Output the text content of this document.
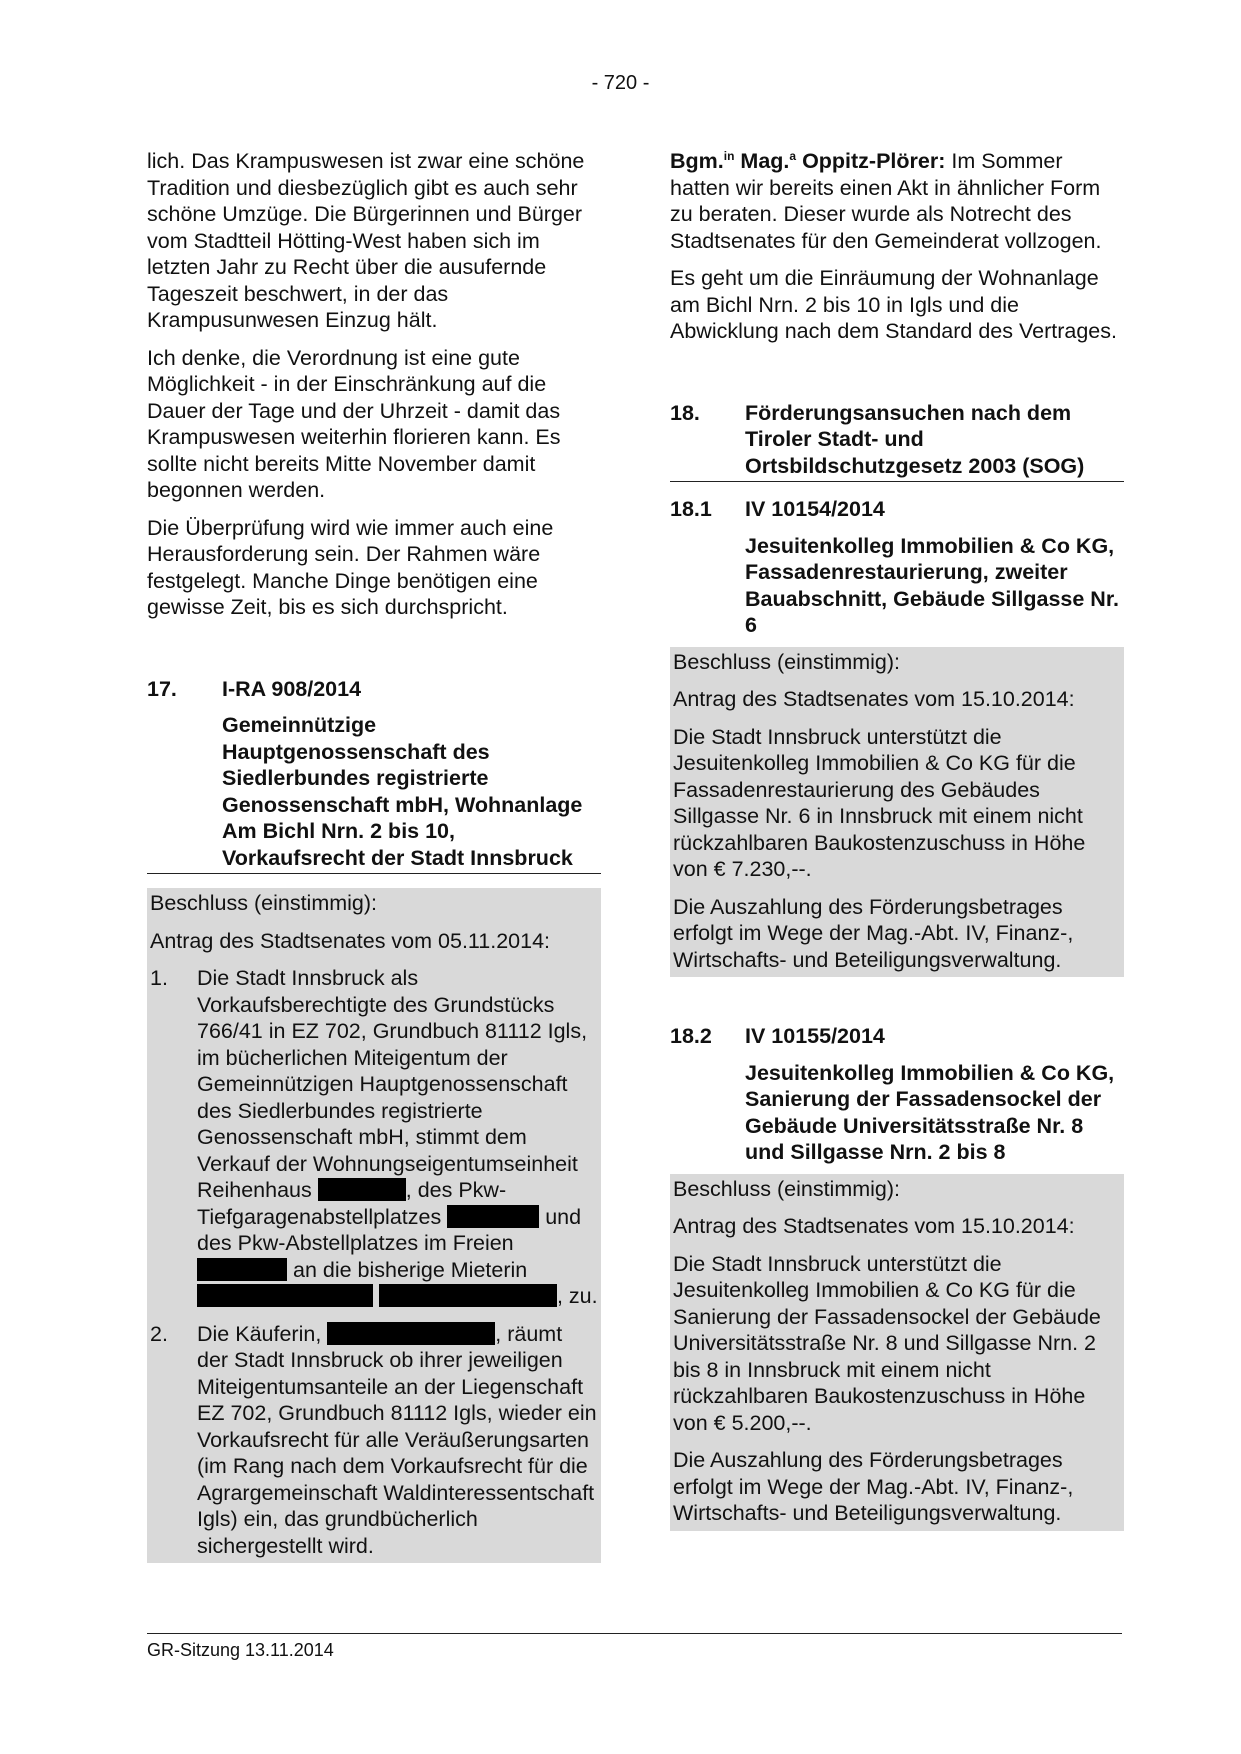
- 720 -

lich. Das Krampuswesen ist zwar eine schöne Tradition und diesbezüglich gibt es auch sehr schöne Umzüge. Die Bürgerinnen und Bürger vom Stadtteil Hötting-West haben sich im letzten Jahr zu Recht über die ausufernde Tageszeit beschwert, in der das Krampusunwesen Einzug hält.

Ich denke, die Verordnung ist eine gute Möglichkeit - in der Einschränkung auf die Dauer der Tage und der Uhrzeit - damit das Krampuswesen weiterhin florieren kann. Es sollte nicht bereits Mitte November damit begonnen werden.

Die Überprüfung wird wie immer auch eine Herausforderung sein. Der Rahmen wäre festgelegt. Manche Dinge benötigen eine gewisse Zeit, bis es sich durchspricht.

17.	I-RA 908/2014
Gemeinnützige Hauptgenossenschaft des Siedlerbundes registrierte Genossenschaft mbH, Wohnanlage Am Bichl Nrn. 2 bis 10, Vorkaufsrecht der Stadt Innsbruck

Beschluss (einstimmig):

Antrag des Stadtsenates vom 05.11.2014:

1.	Die Stadt Innsbruck als Vorkaufsberechtigte des Grundstücks 766/41 in EZ 702, Grundbuch 81112 Igls, im bücherlichen Miteigentum der Gemeinnützigen Hauptgenossenschaft des Siedlerbundes registrierte Genossenschaft mbH, stimmt dem Verkauf der Wohnungseigentumseinheit Reihenhaus	, des Pkw-Tiefgaragenabstellplatzes	und des Pkw-Abstellplatzes im Freien  an die bisherige Mieterin  , zu.
2.	Die Käuferin,	, räumt der Stadt Innsbruck ob ihrer jeweiligen Miteigentumsanteile an der Liegenschaft EZ 702, Grundbuch 81112 Igls, wieder ein Vorkaufsrecht für alle Veräußerungsarten (im Rang nach dem Vorkaufsrecht für die Agrargemeinschaft Waldinteressentschaft Igls) ein, das grundbücherlich sichergestellt wird.

Bgm.$^{in}$ Mag.$^a$ Oppitz-Plörer: Im Sommer hatten wir bereits einen Akt in ähnlicher Form zu beraten. Dieser wurde als Notrecht des Stadtsenates für den Gemeinderat vollzogen.

Es geht um die Einräumung der Wohnanlage am Bichl Nrn. 2 bis 10 in Igls und die Abwicklung nach dem Standard des Vertrages.

18.	Förderungsansuchen nach dem Tiroler Stadt- und Ortsbildschutzgesetz 2003 (SOG)
18.1	IV 10154/2014
Jesuitenkolleg Immobilien & Co KG, Fassadenrestaurierung, zweiter Bauabschnitt, Gebäude Sillgasse Nr. 6

Beschluss (einstimmig):

Antrag des Stadtsenates vom 15.10.2014:

Die Stadt Innsbruck unterstützt die Jesuitenkolleg Immobilien & Co KG für die Fassadenrestaurierung des Gebäudes Sillgasse Nr. 6 in Innsbruck mit einem nicht rückzahlbaren Baukostenzuschuss in Höhe von € 7.230,--.

Die Auszahlung des Förderungsbetrages erfolgt im Wege der Mag.-Abt. IV, Finanz-, Wirtschafts- und Beteiligungsverwaltung.

18.2	IV 10155/2014
Jesuitenkolleg Immobilien & Co KG, Sanierung der Fassadensockel der Gebäude Universitätsstraße Nr. 8 und Sillgasse Nrn. 2 bis 8

Beschluss (einstimmig):

Antrag des Stadtsenates vom 15.10.2014:

Die Stadt Innsbruck unterstützt die Jesuitenkolleg Immobilien & Co KG für die Sanierung der Fassadensockel der Gebäude Universitätsstraße Nr. 8 und Sillgasse Nrn. 2 bis 8 in Innsbruck mit einem nicht rückzahlbaren Baukostenzuschuss in Höhe von € 5.200,--.

Die Auszahlung des Förderungsbetrages erfolgt im Wege der Mag.-Abt. IV, Finanz-, Wirtschafts- und Beteiligungsverwaltung.

GR-Sitzung 13.11.2014
